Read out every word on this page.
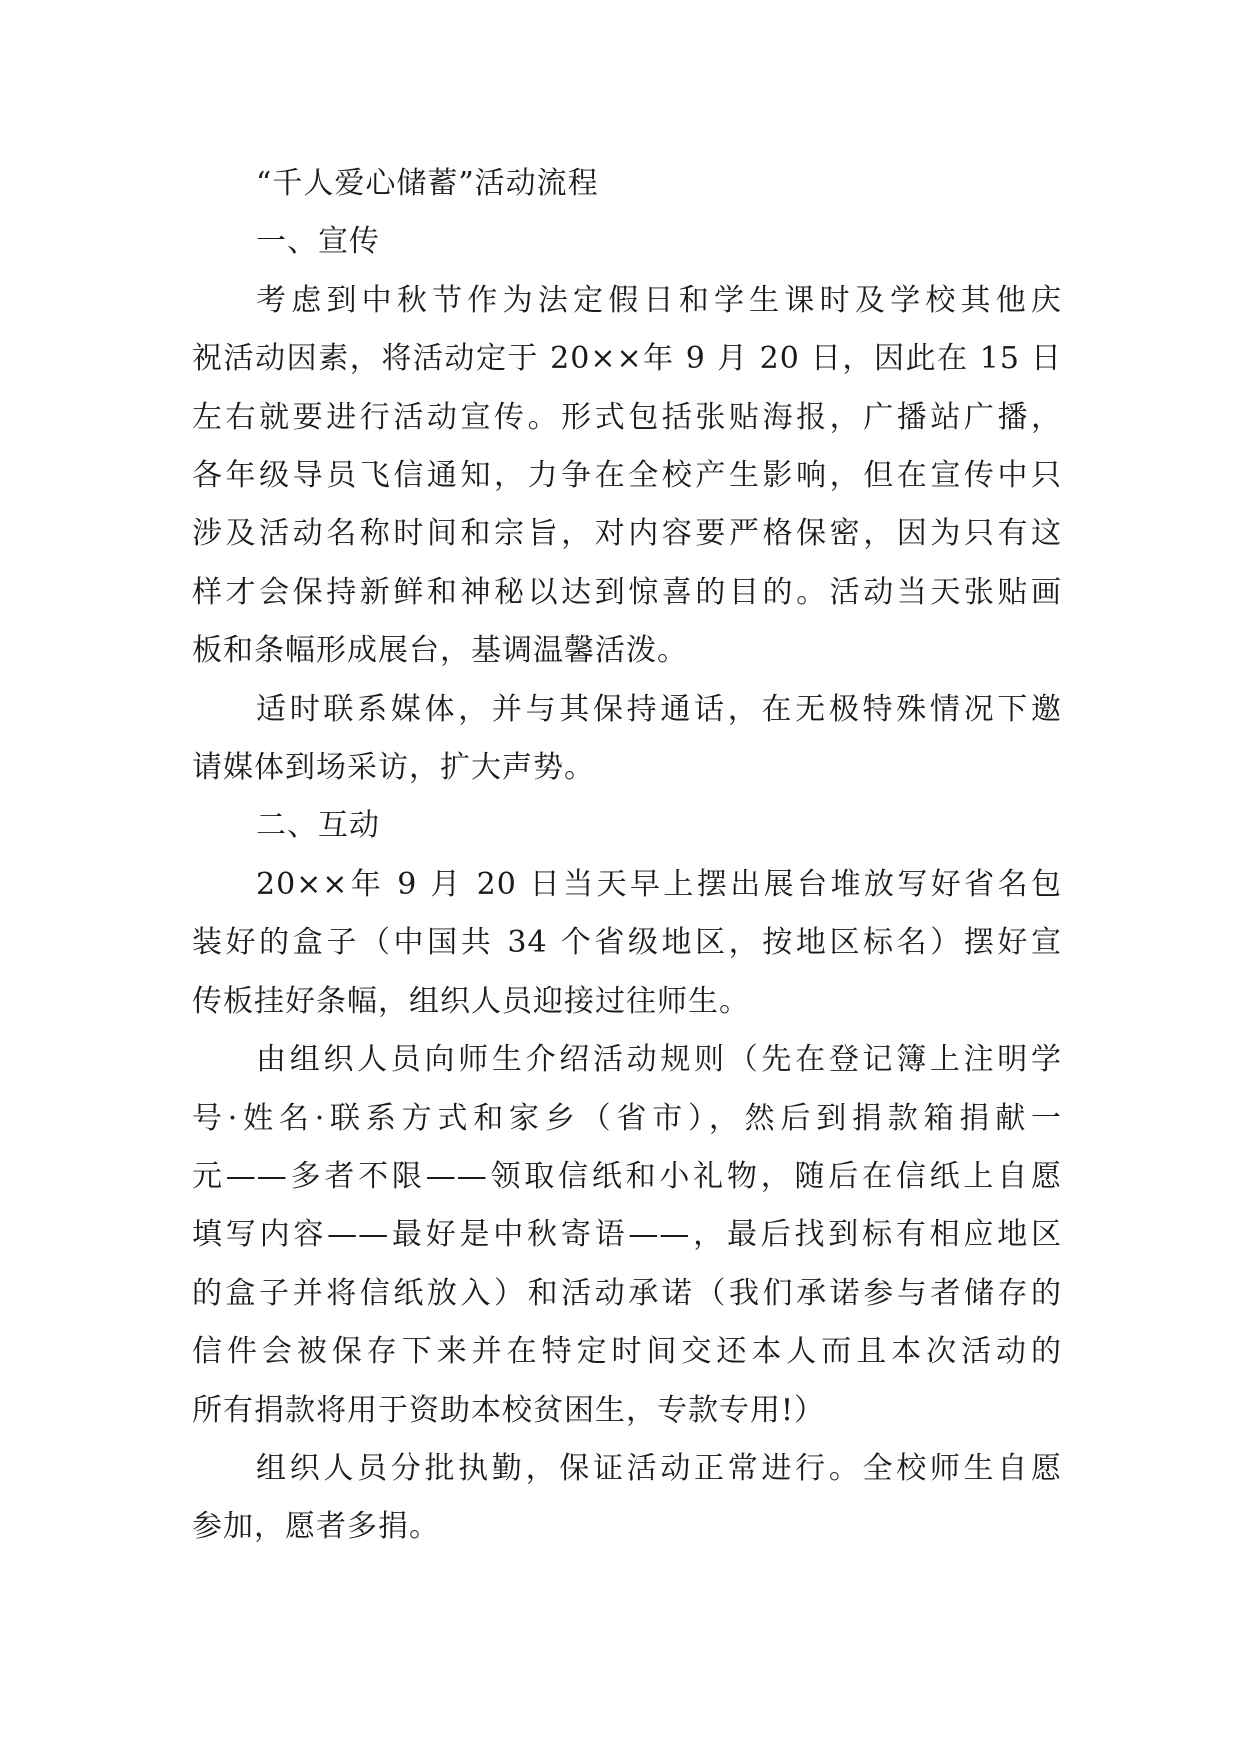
“千人爱心储蓄”活动流程
一、宣传
考虑到中秋节作为法定假日和学生课时及学校其他庆
祝活动因素，将活动定于 20××年 9 月 20 日，因此在 15 日
左右就要进行活动宣传。形式包括张贴海报，广播站广播，
各年级导员飞信通知，力争在全校产生影响，但在宣传中只
涉及活动名称时间和宗旨，对内容要严格保密，因为只有这
样才会保持新鲜和神秘以达到惊喜的目的。活动当天张贴画
板和条幅形成展台，基调温馨活泼。
适时联系媒体，并与其保持通话，在无极特殊情况下邀
请媒体到场采访，扩大声势。
二、互动
20××年 9 月 20 日当天早上摆出展台堆放写好省名包
装好的盒子（中国共 34 个省级地区，按地区标名）摆好宣
传板挂好条幅，组织人员迎接过往师生。
由组织人员向师生介绍活动规则（先在登记簿上注明学
号·姓名·联系方式和家乡（省市），然后到捐款箱捐献一
元——多者不限——领取信纸和小礼物，随后在信纸上自愿
填写内容——最好是中秋寄语——，最后找到标有相应地区
的盒子并将信纸放入）和活动承诺（我们承诺参与者储存的
信件会被保存下来并在特定时间交还本人而且本次活动的
所有捐款将用于资助本校贫困生，专款专用!）
组织人员分批执勤，保证活动正常进行。全校师生自愿
参加，愿者多捐。
